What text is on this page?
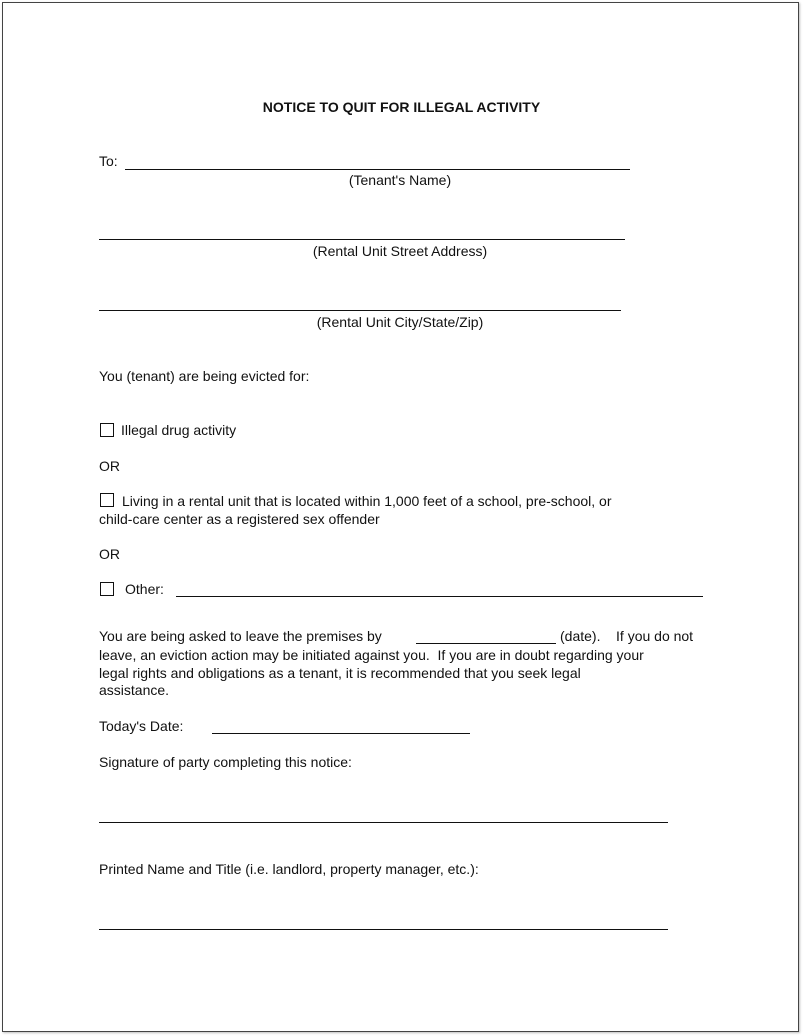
NOTICE TO QUIT FOR ILLEGAL ACTIVITY
To:
(Tenant's Name)
(Rental Unit Street Address)
(Rental Unit City/State/Zip)
You (tenant) are being evicted for:
Illegal drug activity
OR
Living in a rental unit that is located within 1,000 feet of a school, pre-school, or
child-care center as a registered sex offender
OR
Other:
You are being asked to leave the premises by	(date).    If you do not
leave, an eviction action may be initiated against you.  If you are in doubt regarding your
legal rights and obligations as a tenant, it is recommended that you seek legal
assistance.
Today's Date:
Signature of party completing this notice:
Printed Name and Title (i.e. landlord, property manager, etc.):
